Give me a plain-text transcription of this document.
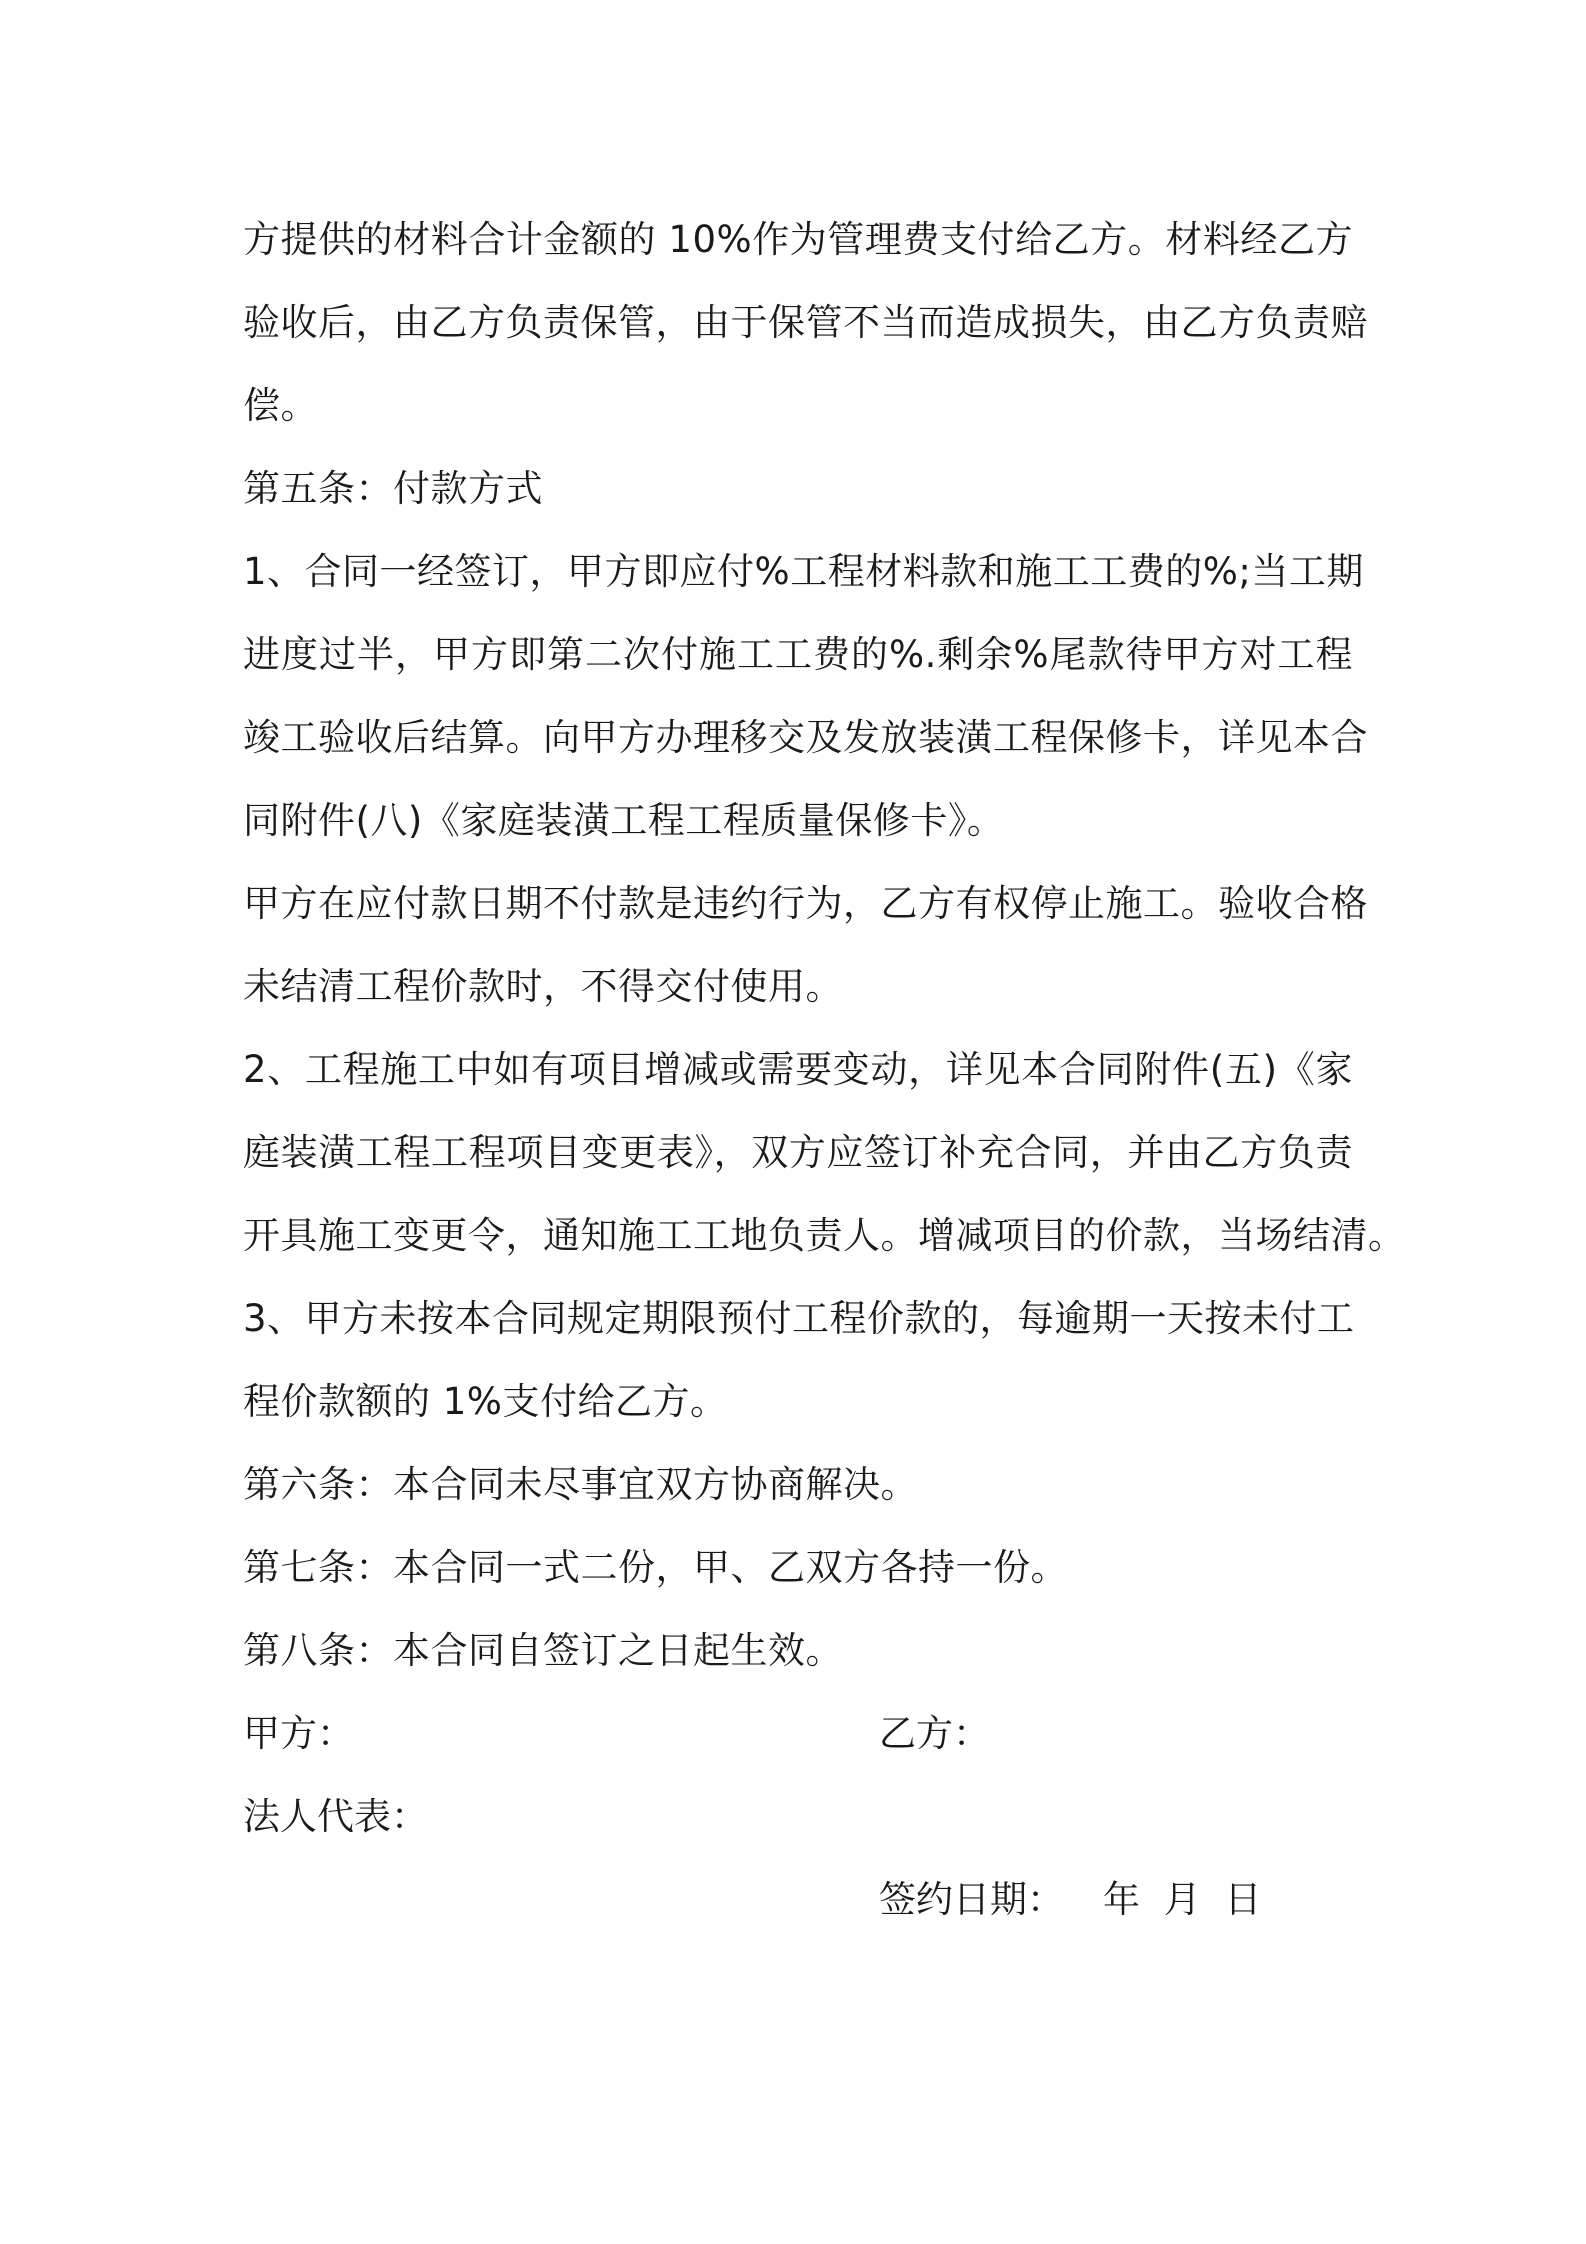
方提供的材料合计金额的 10%作为管理费支付给乙方。材料经乙方
验收后，由乙方负责保管，由于保管不当而造成损失，由乙方负责赔
偿。
第五条：付款方式
1、合同一经签订，甲方即应付%工程材料款和施工工费的%;当工期
进度过半，甲方即第二次付施工工费的%.剩余%尾款待甲方对工程
竣工验收后结算。向甲方办理移交及发放装潢工程保修卡，详见本合
同附件(八)《家庭装潢工程工程质量保修卡》。
甲方在应付款日期不付款是违约行为，乙方有权停止施工。验收合格
未结清工程价款时，不得交付使用。
2、工程施工中如有项目增减或需要变动，详见本合同附件(五)《家
庭装潢工程工程项目变更表》，双方应签订补充合同，并由乙方负责
开具施工变更令，通知施工工地负责人。增减项目的价款，当场结清。
3、甲方未按本合同规定期限预付工程价款的，每逾期一天按未付工
程价款额的 1%支付给乙方。
第六条：本合同未尽事宜双方协商解决。
第七条：本合同一式二份，甲、乙双方各持一份。
第八条：本合同自签订之日起生效。
甲方：	乙方：
法人代表：
签约日期： 年 月 日
